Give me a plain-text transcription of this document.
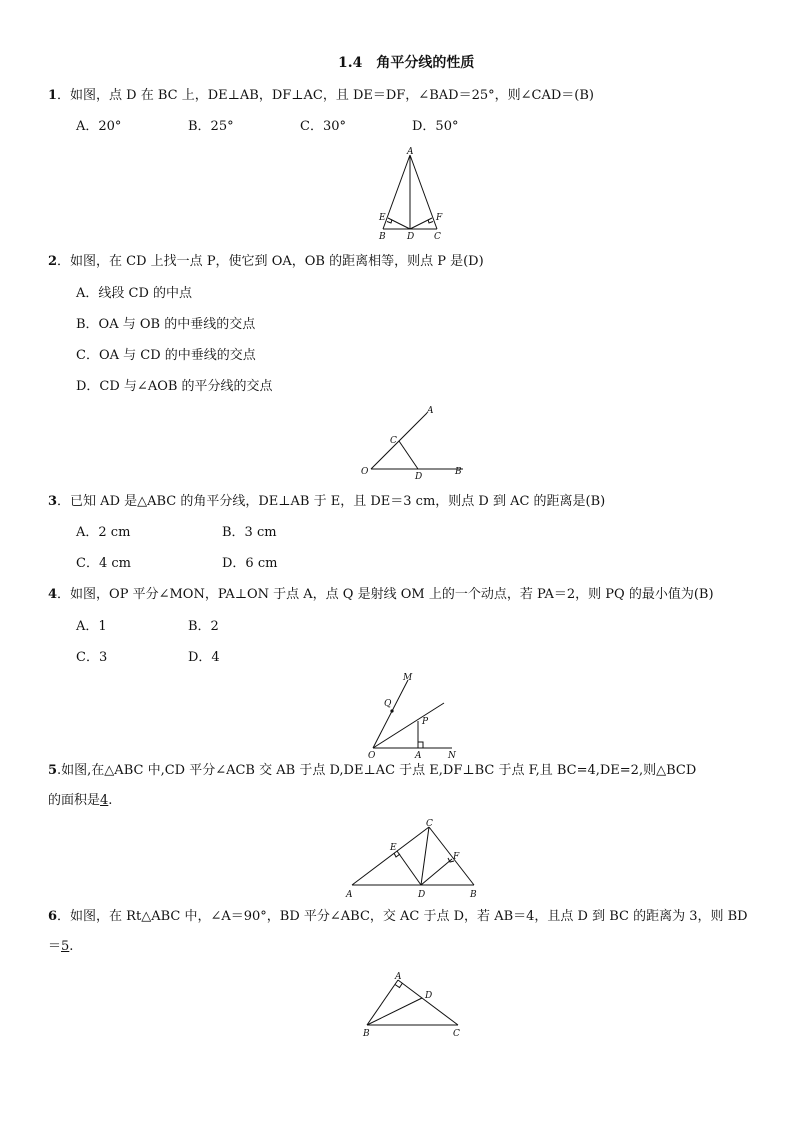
1.4　角平分线的性质
1．如图，点 D 在 BC 上，DE⊥AB，DF⊥AC，且 DE＝DF，∠BAD＝25°，则∠CAD＝(B)
A．20°	B．25°	C．30°	D．50°
A
E	F
B D C
2．如图，在 CD 上找一点 P，使它到 OA，OB 的距离相等，则点 P 是(D)
A．线段 CD 的中点
B．OA 与 OB 的中垂线的交点
C．OA 与 CD 的中垂线的交点
D．CD 与∠AOB 的平分线的交点
A
C
O	D	B
3．已知 AD 是△ABC 的角平分线，DE⊥AB 于 E，且 DE＝3 cm，则点 D 到 AC 的距离是(B)
A．2 cm	B．3 cm
C．4 cm	D．6 cm
4．如图，OP 平分∠MON，PA⊥ON 于点 A，点 Q 是射线 OM 上的一个动点，若 PA＝2，则 PQ 的最小值为(B)
A．1	B．2
C．3	D．4
M
Q
P
O	A	N
5.如图,在△ABC 中,CD 平分∠ACB 交 AB 于点 D,DE⊥AC 于点 E,DF⊥BC 于点 F,且 BC=4,DE=2,则△BCD
的面积是4.
C
E
F
A	D	B
6．如图，在 Rt△ABC 中，∠A＝90°，BD 平分∠ABC，交 AC 于点 D，若 AB＝4，且点 D 到 BC 的距离为 3，则 BD
＝5.
A
D
B	C
